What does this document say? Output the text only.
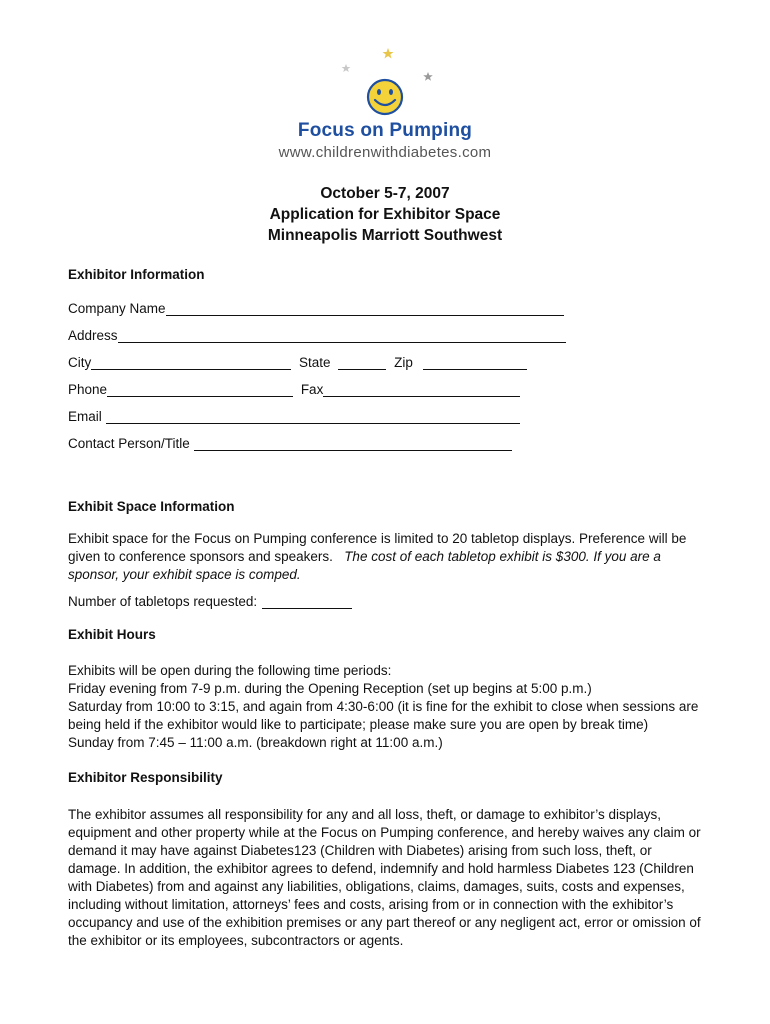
Focus on Pumping
www.childrenwithdiabetes.com
October 5-7, 2007
Application for Exhibitor Space
Minneapolis Marriott Southwest
Exhibitor Information
Company Name
Address
City	State	Zip
Phone	Fax
Email
Contact Person/Title
Exhibit Space Information
Exhibit space for the Focus on Pumping conference is limited to 20 tabletop displays. Preference will be given to conference sponsors and speakers. The cost of each tabletop exhibit is $300. If you are a sponsor, your exhibit space is comped.
Number of tabletops requested:
Exhibit Hours
Exhibits will be open during the following time periods:
Friday evening from 7-9 p.m. during the Opening Reception (set up begins at 5:00 p.m.)
Saturday from 10:00 to 3:15, and again from 4:30-6:00 (it is fine for the exhibit to close when sessions are being held if the exhibitor would like to participate; please make sure you are open by break time)
Sunday from 7:45 – 11:00 a.m. (breakdown right at 11:00 a.m.)
Exhibitor Responsibility
The exhibitor assumes all responsibility for any and all loss, theft, or damage to exhibitor’s displays, equipment and other property while at the Focus on Pumping conference, and hereby waives any claim or demand it may have against Diabetes123 (Children with Diabetes) arising from such loss, theft, or damage. In addition, the exhibitor agrees to defend, indemnify and hold harmless Diabetes 123 (Children with Diabetes) from and against any liabilities, obligations, claims, damages, suits, costs and expenses, including without limitation, attorneys’ fees and costs, arising from or in connection with the exhibitor’s occupancy and use of the exhibition premises or any part thereof or any negligent act, error or omission of the exhibitor or its employees, subcontractors or agents.
